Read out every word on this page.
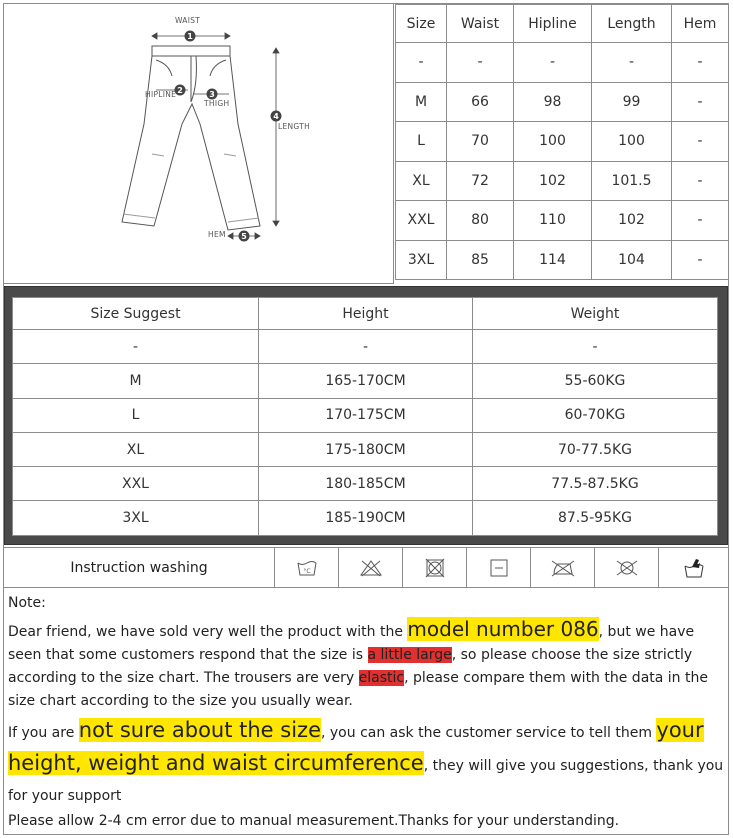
1
2	3
4
5
WAIST
HIPLINE
THIGH
LENGTH
HEM
Size	Waist	Hipline	Length	Hem
-	-	-	-	-
M	66	98	99	-
L	70	100	100	-
XL	72	102	101.5	-
XXL	80	110	102	-
3XL	85	114	104	-
Size Suggest	Height	Weight
-	-	-
M	165-170CM	55-60KG
L	170-175CM	60-70KG
XL	175-180CM	70-77.5KG
XXL	180-185CM	77.5-87.5KG
3XL	185-190CM	87.5-95KG
Instruction washing	°C

Note:

Dear friend, we have sold very well the product with the model number 086, but we have seen that some customers respond that the size is a little large, so please choose the size strictly according to the size chart. The trousers are very elastic, please compare them with the data in the size chart according to the size you usually wear.

If you are not sure about the size, you can ask the customer service to tell them your height, weight and waist circumference, they will give you suggestions, thank you for your support

Please allow 2-4 cm error due to manual measurement.Thanks for your understanding.
